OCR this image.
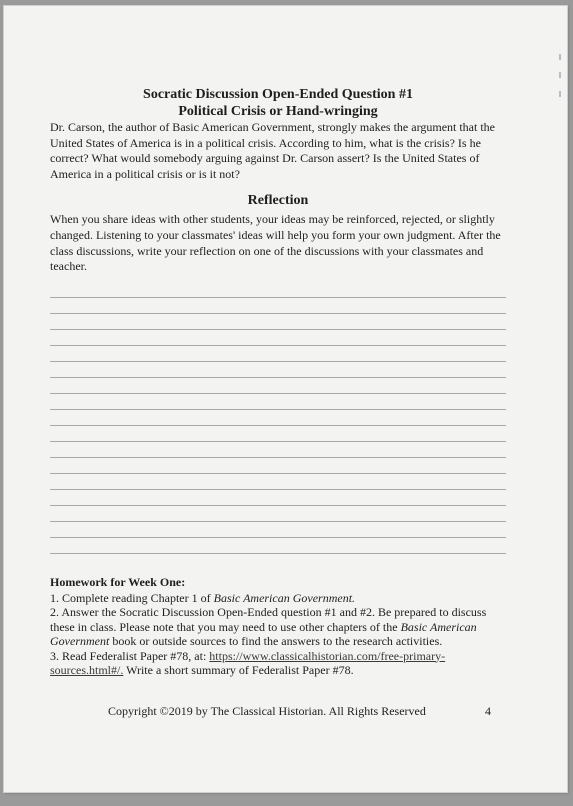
Socratic Discussion Open-Ended Question #1

Political Crisis or Hand-wringing

Dr. Carson, the author of Basic American Government, strongly makes the argument that the United States of America is in a political crisis. According to him, what is the crisis? Is he correct? What would somebody arguing against Dr. Carson assert? Is the United States of America in a political crisis or is it not?

Reflection

When you share ideas with other students, your ideas may be reinforced, rejected, or slightly changed. Listening to your classmates' ideas will help you form your own judgment. After the class discussions, write your reflection on one of the discussions with your classmates and teacher.

Homework for Week One:

1. Complete reading Chapter 1 of Basic American Government.

2. Answer the Socratic Discussion Open-Ended question #1 and #2. Be prepared to discuss these in class. Please note that you may need to use other chapters of the Basic American Government book or outside sources to find the answers to the research activities.

3. Read Federalist Paper #78, at: https://www.classicalhistorian.com/free-primary-sources.html#/. Write a short summary of Federalist Paper #78.

Copyright ©2019 by The Classical Historian. All Rights Reserved	4
